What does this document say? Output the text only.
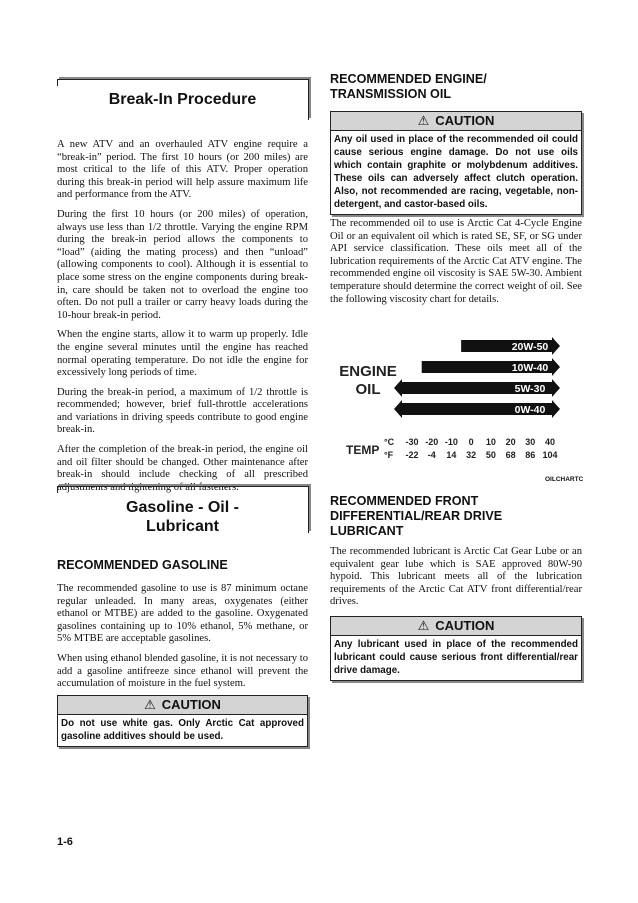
Break-In Procedure

A new ATV and an overhauled ATV engine require a “break-in” period. The first 10 hours (or 200 miles) are most critical to the life of this ATV. Proper operation during this break-in period will help assure maximum life and performance from the ATV.

During the first 10 hours (or 200 miles) of operation, always use less than 1/2 throttle. Varying the engine RPM during the break-in period allows the components to “load” (aiding the mating process) and then “unload” (allowing components to cool). Although it is essential to place some stress on the engine components during break-in, care should be taken not to overload the engine too often. Do not pull a trailer or carry heavy loads during the 10-hour break-in period.

When the engine starts, allow it to warm up properly. Idle the engine several minutes until the engine has reached normal operating temperature. Do not idle the engine for excessively long periods of time.

During the break-in period, a maximum of 1/2 throttle is recommended; however, brief full-throttle accelerations and variations in driving speeds contribute to good engine break-in.

After the completion of the break-in period, the engine oil and oil filter should be changed. Other maintenance after break-in should include checking of all prescribed adjustments and tightening of all fasteners.

Gasoline - Oil -
Lubricant

RECOMMENDED GASOLINE

The recommended gasoline to use is 87 minimum octane regular unleaded. In many areas, oxygenates (either ethanol or MTBE) are added to the gasoline. Oxygenated gasolines containing up to 10% ethanol, 5% methane, or 5% MTBE are acceptable gasolines.

When using ethanol blended gasoline, it is not necessary to add a gasoline antifreeze since ethanol will prevent the accumulation of moisture in the fuel system.

⚠ CAUTION
Do not use white gas. Only Arctic Cat approved gasoline additives should be used.

RECOMMENDED ENGINE/

TRANSMISSION OIL

⚠ CAUTION
Any oil used in place of the recommended oil could cause serious engine damage. Do not use oils which contain graphite or molybdenum additives. These oils can adversely affect clutch operation. Also, not recommended are racing, vegetable, non-detergent, and castor-based oils.

The recommended oil to use is Arctic Cat 4-Cycle Engine Oil or an equivalent oil which is rated SE, SF, or SG under API service classification. These oils meet all of the lubrication requirements of the Arctic Cat ATV engine. The recommended engine oil viscosity is SAE 5W-30. Ambient temperature should determine the correct weight of oil. See the following viscosity chart for details.

ENGINE
OIL
20W-50
10W-40
5W-30
0W-40
TEMP
°C
°F
-30 -20 -10 0 10 20 30 40
-22 -4 14 32 50 68 86 104
OILCHARTC

RECOMMENDED FRONT

DIFFERENTIAL/REAR DRIVE

LUBRICANT

The recommended lubricant is Arctic Cat Gear Lube or an equivalent gear lube which is SAE approved 80W-90 hypoid. This lubricant meets all of the lubrication requirements of the Arctic Cat ATV front differential/rear drives.

⚠ CAUTION
Any lubricant used in place of the recommended lubricant could cause serious front differential/rear drive damage.
1-6
